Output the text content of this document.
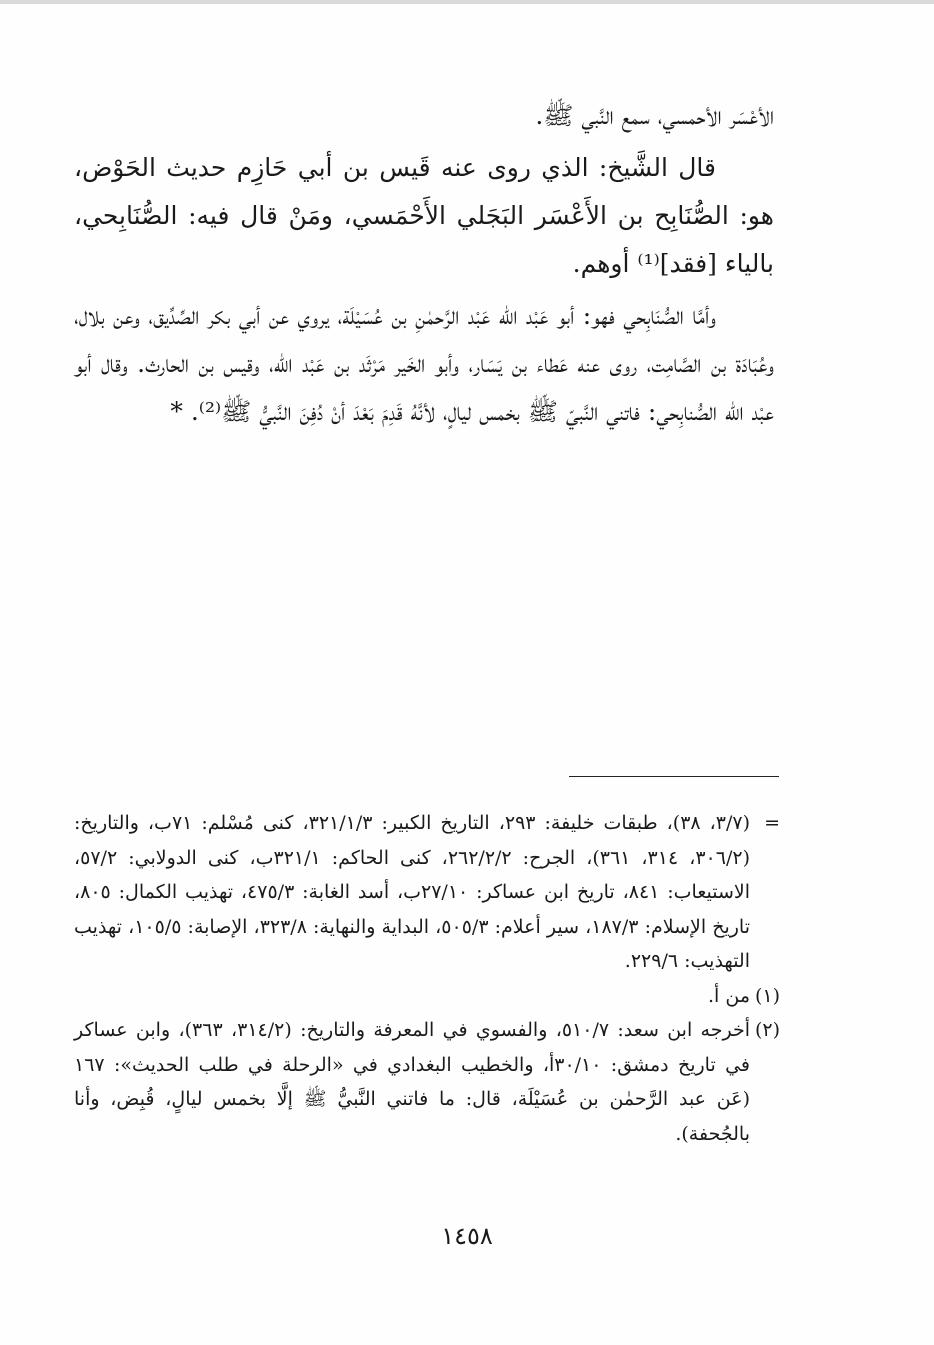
الأعْسَر الأحمسي، سمع النَّبي ﷺ.

قال الشَّيخ: الذي روى عنه قَيس بن أبي حَازِم حديث الحَوْض، هو: الصُّنَابِح بن الأَعْسَر البَجَلي الأَحْمَسي، ومَنْ قال فيه: الصُّنَابِحي، بالياء [فقد]⁽¹⁾ أوهم.

وأمَّا الصُّنَابِحي فهو: أبو عَبْد الله عَبْد الرَّحمٰنِ بن عُسَيْلَة، يروي عن أبي بكر الصِّدِّيق، وعن بلال، وعُبَادَة بن الصَّامِت، روى عنه عَطاء بن يَسَار، وأبو الخَير مَرْثَد بن عَبْد الله، وقيس بن الحارث. وقال أبو عبْد الله الصُّنابِحي: فاتني النَّبيّ ﷺ بخمس ليالٍ، لأنَّهُ قَدِمَ بَعْدَ أنْ دُفِنَ النَّبيُّ ﷺ⁽²⁾. *

=
(٣/٧، ٣٨)، طبقات خليفة: ٢٩٣، التاريخ الكبير: ٣٢١/١/٣، كنى مُسْلم: ٧١ب، والتاريخ: (٣٠٦/٢، ٣١٤، ٣٦١)، الجرح: ٢٦٢/٢/٢، كنى الحاكم: ٣٢١/١ب، كنى الدولابي: ٥٧/٢، الاستيعاب: ٨٤١، تاريخ ابن عساكر: ٢٧/١٠ب، أسد الغابة: ٤٧٥/٣، تهذيب الكمال: ٨٠٥، تاريخ الإسلام: ١٨٧/٣، سير أعلام: ٥٠٥/٣، البداية والنهاية: ٣٢٣/٨، الإصابة: ١٠٥/٥، تهذيب التهذيب: ٢٢٩/٦.
(١)
من أ.
(٢)
أخرجه ابن سعد: ٥١٠/٧، والفسوي في المعرفة والتاريخ: (٣١٤/٢، ٣٦٣)، وابن عساكر في تاريخ دمشق: ٣٠/١٠أ، والخطيب البغدادي في «الرحلة في طلب الحديث»: ١٦٧ (عَن عبد الرَّحمٰن بن عُسَيْلَة، قال: ما فاتني النَّبيُّ ﷺ إلَّا بخمس ليالٍ، قُبِض، وأنا بالجُحفة).
١٤٥٨
